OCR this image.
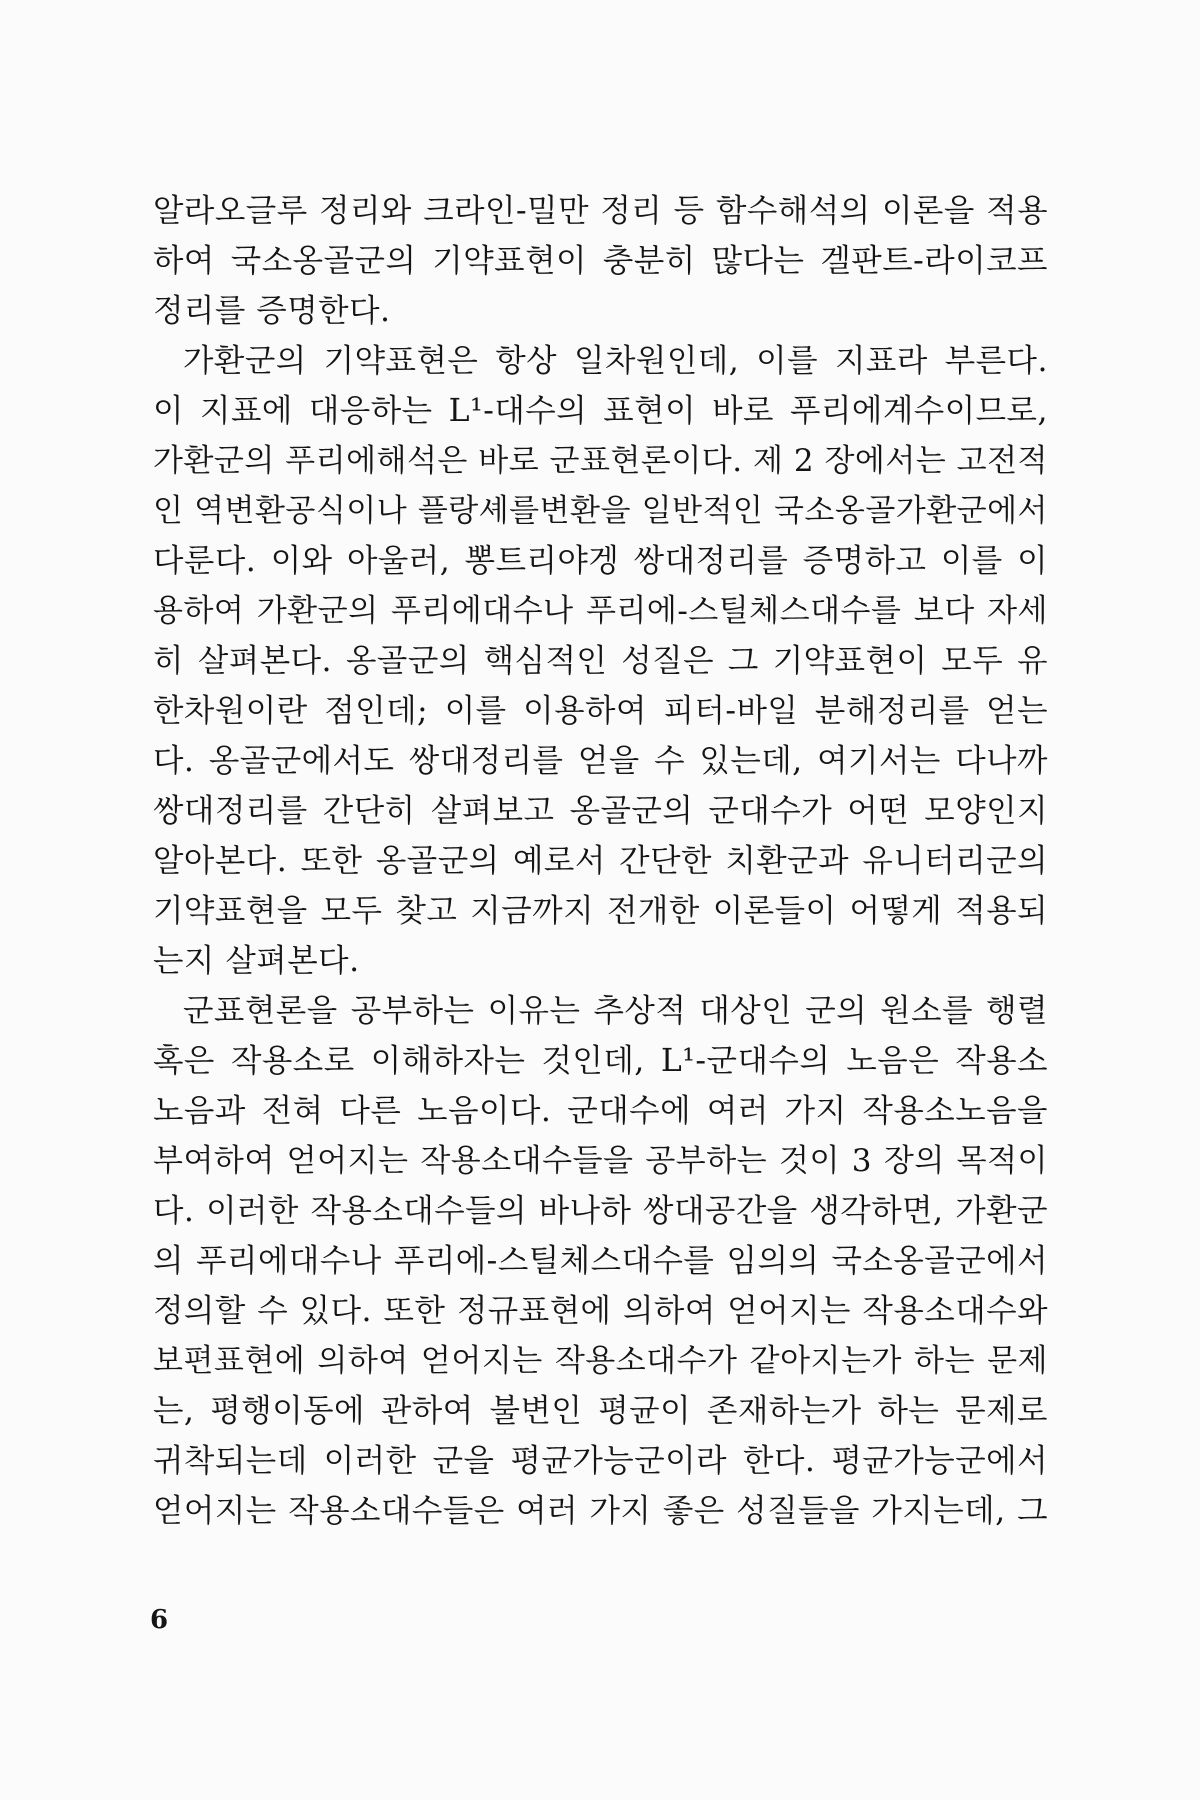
알라오글루 정리와 크라인-밀만 정리 등 함수해석의 이론을 적용
하여 국소옹골군의 기약표현이 충분히 많다는 겔판트-라이코프
정리를 증명한다.
가환군의 기약표현은 항상 일차원인데, 이를 지표라 부른다.
이 지표에 대응하는 L¹-대수의 표현이 바로 푸리에계수이므로,
가환군의 푸리에해석은 바로 군표현론이다. 제 2 장에서는 고전적
인 역변환공식이나 플랑셰를변환을 일반적인 국소옹골가환군에서
다룬다. 이와 아울러, 뽕트리야겡 쌍대정리를 증명하고 이를 이
용하여 가환군의 푸리에대수나 푸리에-스틸체스대수를 보다 자세
히 살펴본다. 옹골군의 핵심적인 성질은 그 기약표현이 모두 유
한차원이란 점인데; 이를 이용하여 피터-바일 분해정리를 얻는
다. 옹골군에서도 쌍대정리를 얻을 수 있는데, 여기서는 다나까
쌍대정리를 간단히 살펴보고 옹골군의 군대수가 어떤 모양인지
알아본다. 또한 옹골군의 예로서 간단한 치환군과 유니터리군의
기약표현을 모두 찾고 지금까지 전개한 이론들이 어떻게 적용되
는지 살펴본다.
군표현론을 공부하는 이유는 추상적 대상인 군의 원소를 행렬
혹은 작용소로 이해하자는 것인데, L¹-군대수의 노음은 작용소
노음과 전혀 다른 노음이다. 군대수에 여러 가지 작용소노음을
부여하여 얻어지는 작용소대수들을 공부하는 것이 3 장의 목적이
다. 이러한 작용소대수들의 바나하 쌍대공간을 생각하면, 가환군
의 푸리에대수나 푸리에-스틸체스대수를 임의의 국소옹골군에서
정의할 수 있다. 또한 정규표현에 의하여 얻어지는 작용소대수와
보편표현에 의하여 얻어지는 작용소대수가 같아지는가 하는 문제
는, 평행이동에 관하여 불변인 평균이 존재하는가 하는 문제로
귀착되는데 이러한 군을 평균가능군이라 한다. 평균가능군에서
얻어지는 작용소대수들은 여러 가지 좋은 성질들을 가지는데, 그
6
